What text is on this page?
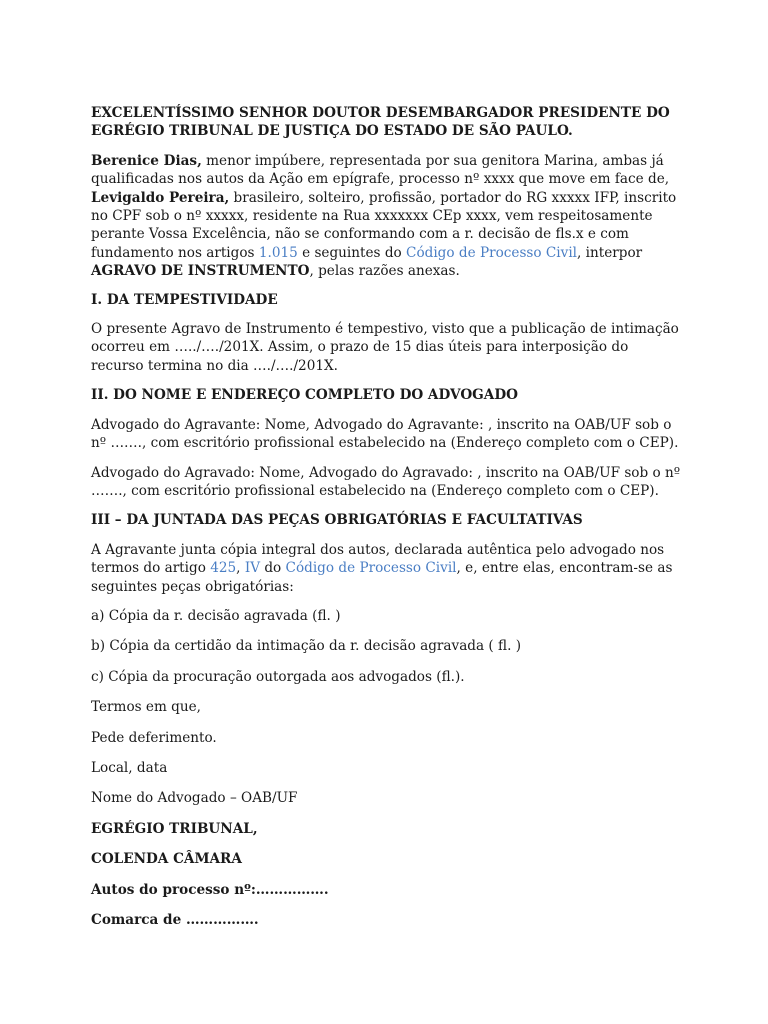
EXCELENTÍSSIMO SENHOR DOUTOR DESEMBARGADOR PRESIDENTE DO EGRÉGIO TRIBUNAL DE JUSTIÇA DO ESTADO DE SÃO PAULO.

Berenice Dias, menor impúbere, representada por sua genitora Marina, ambas já qualificadas nos autos da Ação em epígrafe, processo nº xxxx que move em face de, Levigaldo Pereira, brasileiro, solteiro, profissão, portador do RG xxxxx IFP, inscrito no CPF sob o nº xxxxx, residente na Rua xxxxxxx CEp xxxx, vem respeitosamente perante Vossa Excelência, não se conformando com a r. decisão de fls.x e com fundamento nos artigos 1.015 e seguintes do Código de Processo Civil, interpor AGRAVO DE INSTRUMENTO, pelas razões anexas.

I. DA TEMPESTIVIDADE

O presente Agravo de Instrumento é tempestivo, visto que a publicação de intimação ocorreu em …../…./201X. Assim, o prazo de 15 dias úteis para interposição do recurso termina no dia …./…./201X.

II. DO NOME E ENDEREÇO COMPLETO DO ADVOGADO

Advogado do Agravante: Nome, Advogado do Agravante: , inscrito na OAB/UF sob o nº ……., com escritório profissional estabelecido na (Endereço completo com o CEP).

Advogado do Agravado: Nome, Advogado do Agravado: , inscrito na OAB/UF sob o nº ……., com escritório profissional estabelecido na (Endereço completo com o CEP).

III – DA JUNTADA DAS PEÇAS OBRIGATÓRIAS E FACULTATIVAS

A Agravante junta cópia integral dos autos, declarada autêntica pelo advogado nos termos do artigo 425, IV do Código de Processo Civil, e, entre elas, encontram-se as seguintes peças obrigatórias:

a) Cópia da r. decisão agravada (fl. )

b) Cópia da certidão da intimação da r. decisão agravada ( fl. )

c) Cópia da procuração outorgada aos advogados (fl.).

Termos em que,

Pede deferimento.

Local, data

Nome do Advogado – OAB/UF

EGRÉGIO TRIBUNAL,

COLENDA CÂMARA

Autos do processo nº:…………….

Comarca de …………….
